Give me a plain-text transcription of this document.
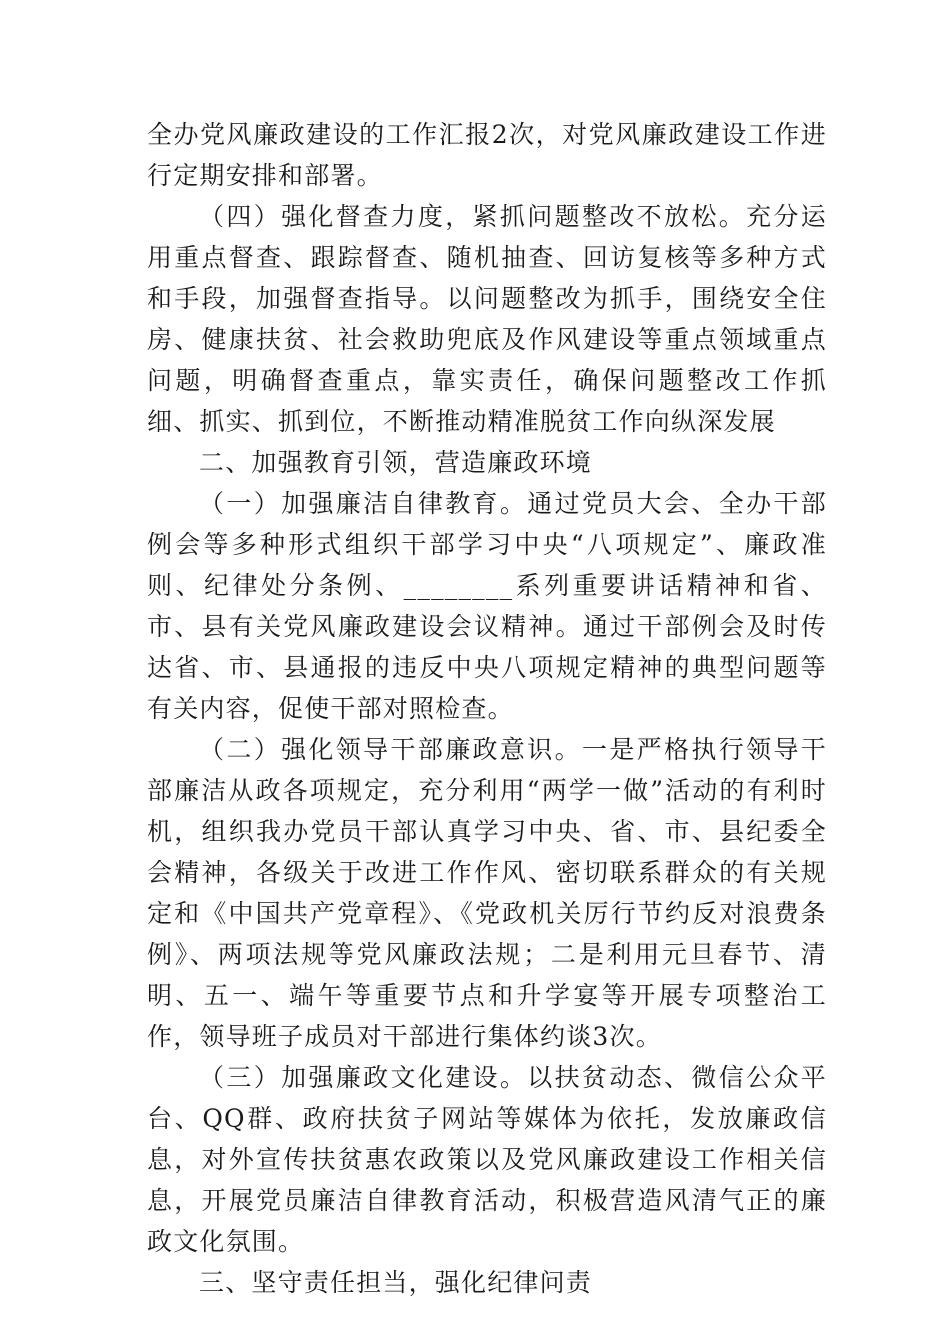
全办党风廉政建设的工作汇报2次，对党风廉政建设工作进行定期安排和部署。

（四）强化督查力度，紧抓问题整改不放松。充分运用重点督查、跟踪督查、随机抽查、回访复核等多种方式和手段，加强督查指导。以问题整改为抓手，围绕安全住房、健康扶贫、社会救助兜底及作风建设等重点领域重点问题，明确督查重点，靠实责任，确保问题整改工作抓细、抓实、抓到位，不断推动精准脱贫工作向纵深发展

二、加强教育引领，营造廉政环境

（一）加强廉洁自律教育。通过党员大会、全办干部例会等多种形式组织干部学习中央“八项规定”、廉政准则、纪律处分条例、________系列重要讲话精神和省、市、县有关党风廉政建设会议精神。通过干部例会及时传达省、市、县通报的违反中央八项规定精神的典型问题等有关内容，促使干部对照检查。

（二）强化领导干部廉政意识。一是严格执行领导干部廉洁从政各项规定，充分利用“两学一做”活动的有利时机，组织我办党员干部认真学习中央、省、市、县纪委全会精神，各级关于改进工作作风、密切联系群众的有关规定和《中国共产党章程》、《党政机关厉行节约反对浪费条例》、两项法规等党风廉政法规；二是利用元旦春节、清明、五一、端午等重要节点和升学宴等开展专项整治工作，领导班子成员对干部进行集体约谈3次。

（三）加强廉政文化建设。以扶贫动态、微信公众平台、QQ群、政府扶贫子网站等媒体为依托，发放廉政信息，对外宣传扶贫惠农政策以及党风廉政建设工作相关信息，开展党员廉洁自律教育活动，积极营造风清气正的廉政文化氛围。

三、坚守责任担当，强化纪律问责
